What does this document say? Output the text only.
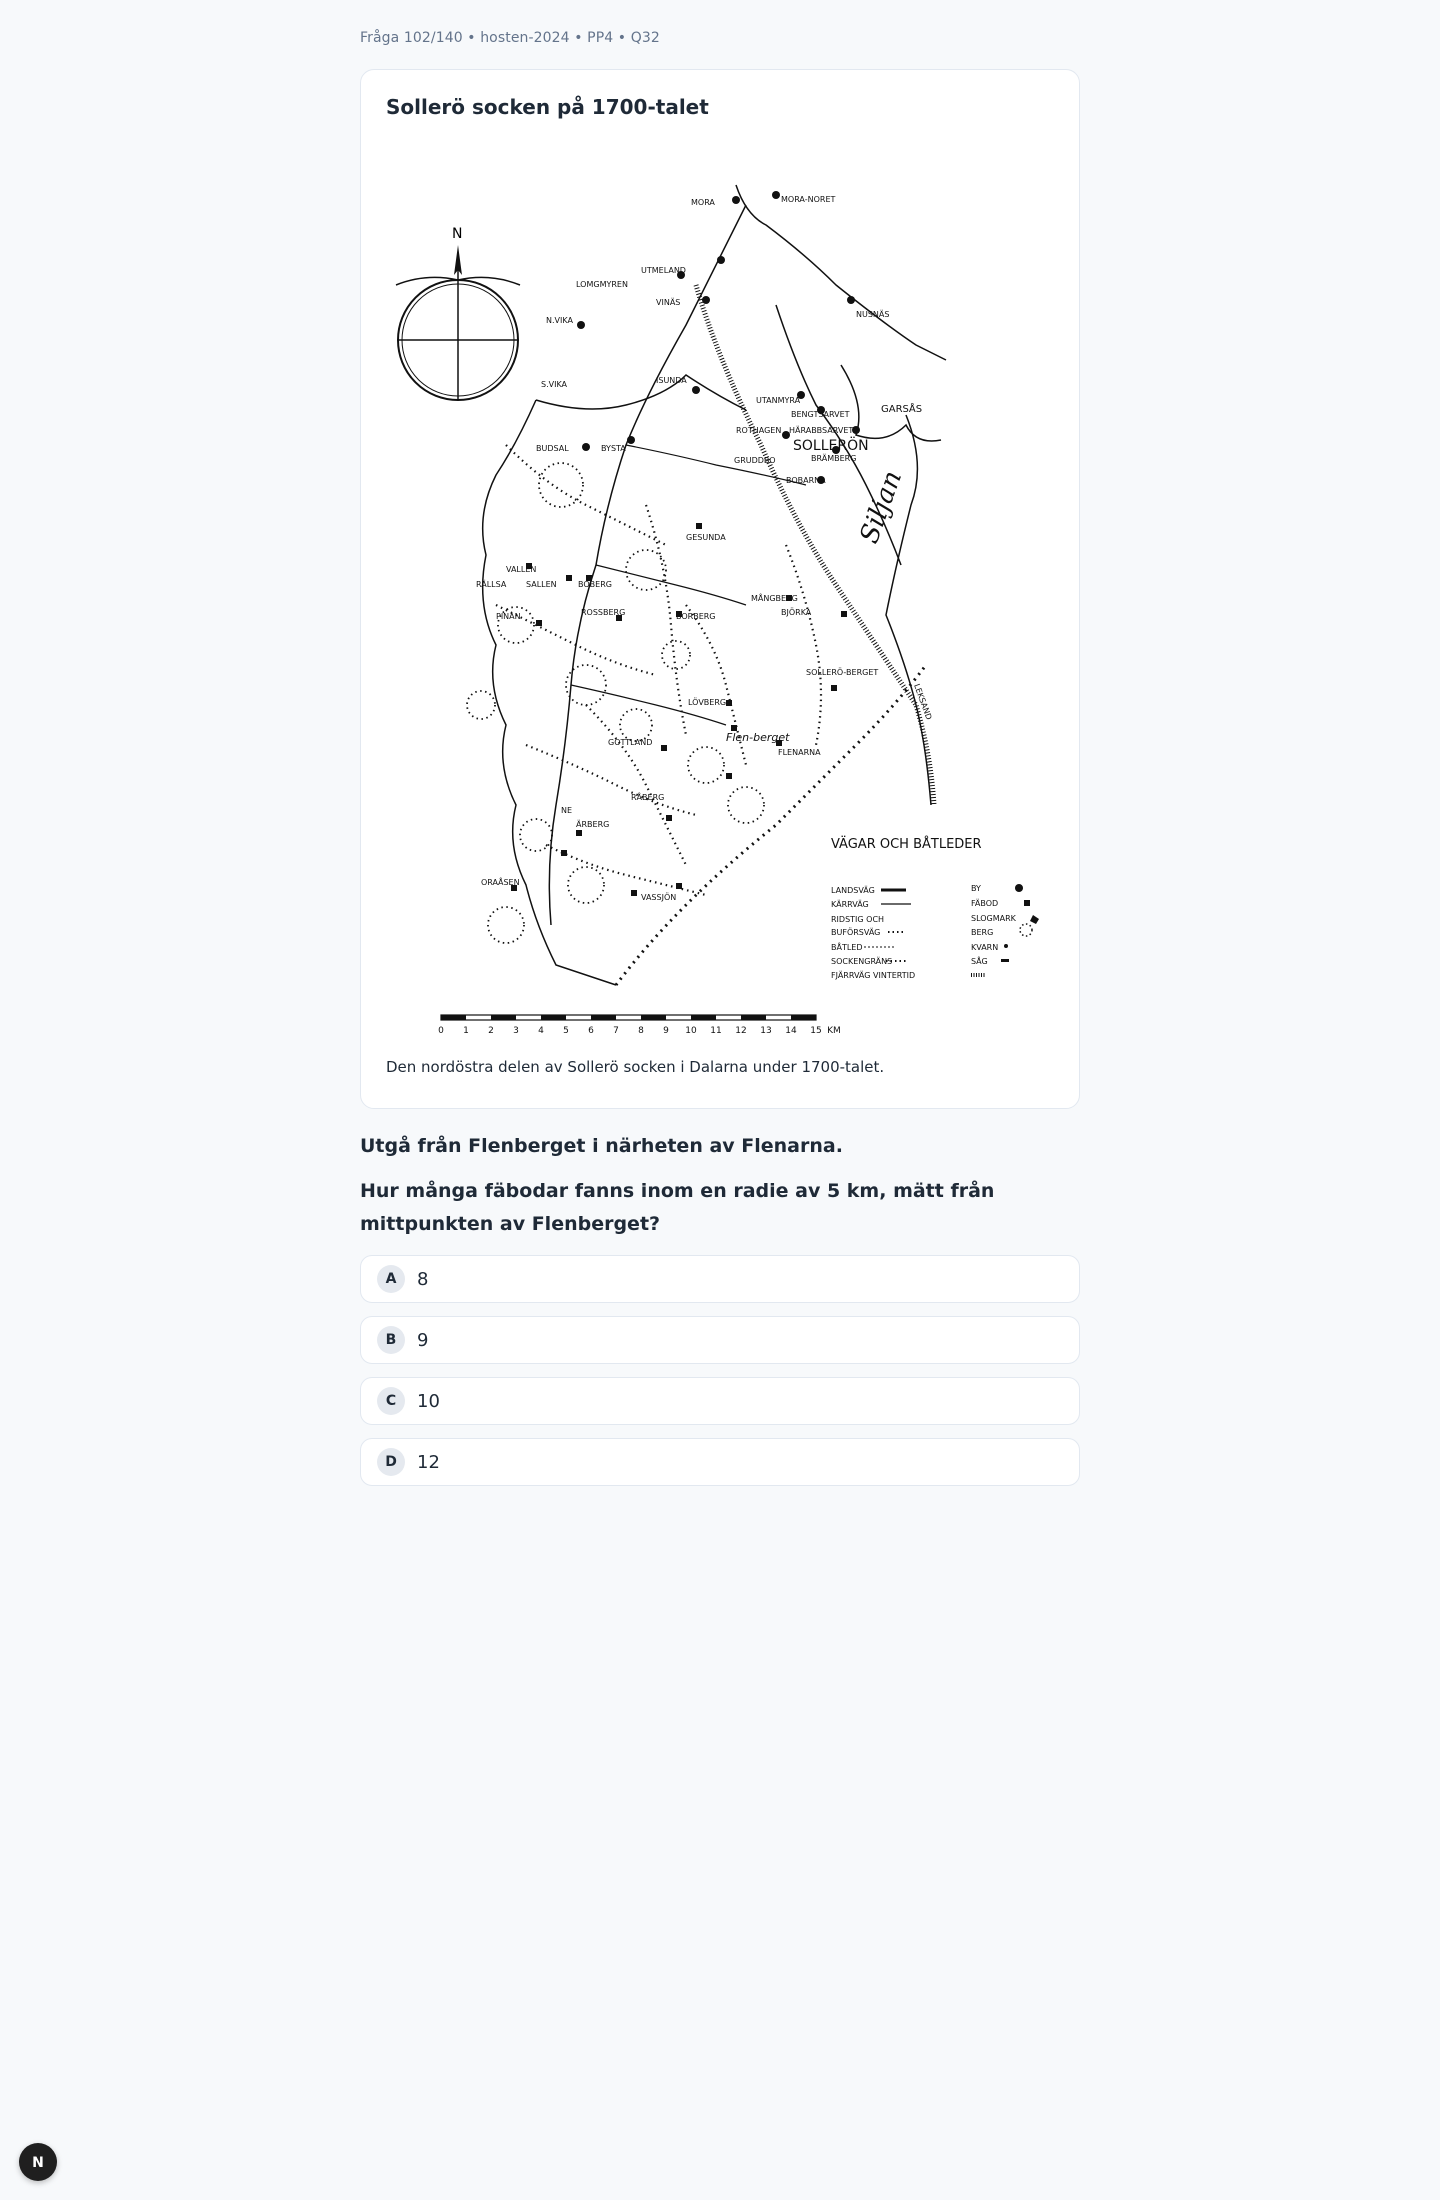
Fråga 102/140 • hosten-2024 • PP4 • Q32
Sollerö socken på 1700-talet
N
MORA	MORA-NORET
UTMELAND
LOMGMYREN
VINÄS
NUSNÄS
N.VIKA
S.VIKA	ISUNDA
UTANMYRA
BENGTSARVET	GARSÅS
ROTHAGEN HÄRABBSARVET
SOLLERÖN
BUDSAL	BYSTA
GRUDDBO	BRÄMBERG
BOBARNA
GESUNDA
RÄLLSA
VALLEN
SALLEN	BOBERG
MÅNGBERG
BJÖRKA
ROSSBERG	BORBERG
PINAN
LÖVBERG
SOLLERÖ-BERGET
GOTTLAND	Flen-berget
FLENARNA
RÅBERG
NE
ÄRBERG
ORAÅSEN
VASSJÖN
LEKSAND
Siljan
VÄGAR OCH BÅTLEDER
LANDSVÄG
KÄRRVÄG
RIDSTIG OCH
BUFÖRSVÄG
BÅTLED
SOCKENGRÄNS
FJÄRRVÄG VINTERTID
BY
FÄBOD
SLOGMARK
BERG
KVARN
SÅG
0 1 2 3 4 5 6 7 8 9 10 11 12 13 14 15 KM
Den nordöstra delen av Sollerö socken i Dalarna under 1700-talet.
Utgå från Flenberget i närheten av Flenarna.
Hur många fäbodar fanns inom en radie av 5 km, mätt från mittpunkten av Flenberget?
A	8
B	9
C	10
D	12
N
